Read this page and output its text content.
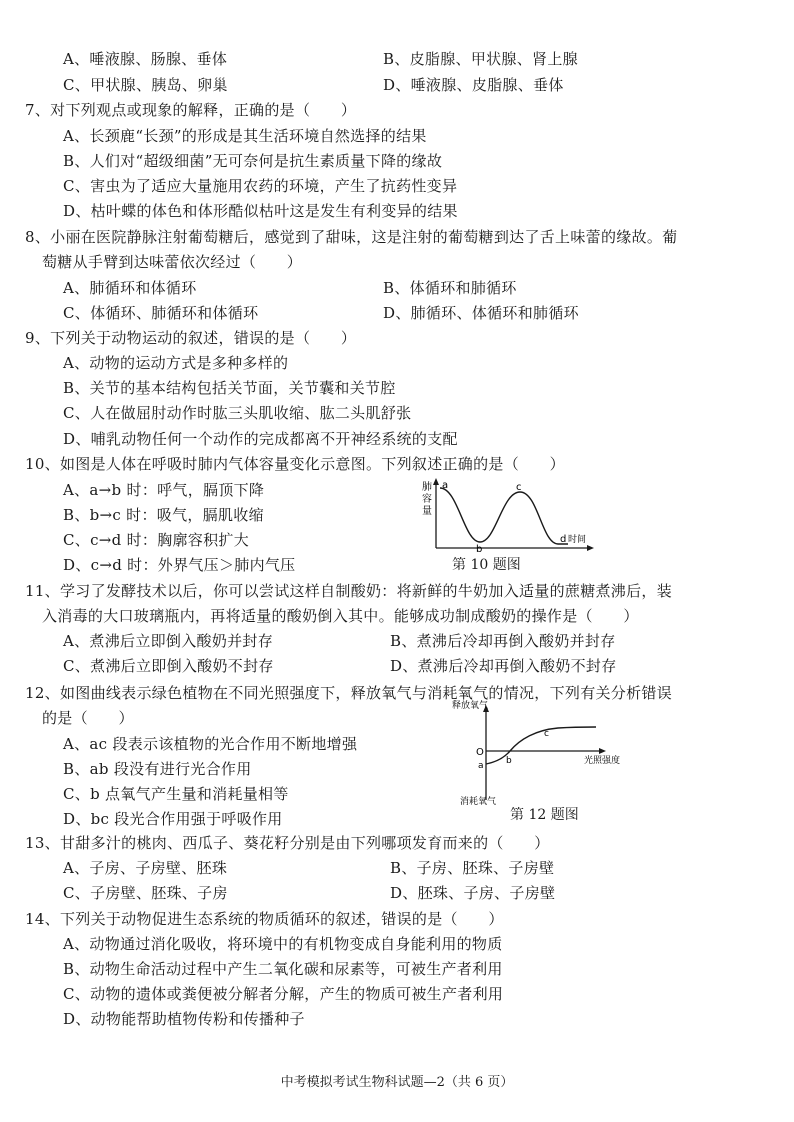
A、唾液腺、肠腺、垂体	B、皮脂腺、甲状腺、肾上腺
C、甲状腺、胰岛、卵巢	D、唾液腺、皮脂腺、垂体
7、对下列观点或现象的解释，正确的是（　　）
A、长颈鹿“长颈”的形成是其生活环境自然选择的结果
B、人们对“超级细菌”无可奈何是抗生素质量下降的缘故
C、害虫为了适应大量施用农药的环境，产生了抗药性变异
D、枯叶蝶的体色和体形酷似枯叶这是发生有利变异的结果
8、小丽在医院静脉注射葡萄糖后，感觉到了甜味，这是注射的葡萄糖到达了舌上味蕾的缘故。葡
萄糖从手臂到达味蕾依次经过（　　）
A、肺循环和体循环	B、体循环和肺循环
C、体循环、肺循环和体循环	D、肺循环、体循环和肺循环
9、下列关于动物运动的叙述，错误的是（　　）
A、动物的运动方式是多种多样的
B、关节的基本结构包括关节面，关节囊和关节腔
C、人在做屈肘动作时肱三头肌收缩、肱二头肌舒张
D、哺乳动物任何一个动作的完成都离不开神经系统的支配
10、如图是人体在呼吸时肺内气体容量变化示意图。下列叙述正确的是（　　）
A、a→b 时：呼气，膈顶下降
B、b→c 时：吸气，膈肌收缩
C、c→d 时：胸廓容积扩大
D、c→d 时：外界气压＞肺内气压
肺
容
量
a
b
c
d 时间
第 10 题图
11、学习了发酵技术以后，你可以尝试这样自制酸奶：将新鲜的牛奶加入适量的蔗糖煮沸后，装
入消毒的大口玻璃瓶内，再将适量的酸奶倒入其中。能够成功制成酸奶的操作是（　　）
A、煮沸后立即倒入酸奶并封存	B、煮沸后冷却再倒入酸奶并封存
C、煮沸后立即倒入酸奶不封存	D、煮沸后冷却再倒入酸奶不封存
12、如图曲线表示绿色植物在不同光照强度下，释放氧气与消耗氧气的情况，下列有关分析错误
的是（　　）
A、ac 段表示该植物的光合作用不断地增强
B、ab 段没有进行光合作用
C、b 点氧气产生量和消耗量相等
D、bc 段光合作用强于呼吸作用
释放氧气
消耗氧气
O
a b
c
光照强度
第 12 题图
13、甘甜多汁的桃肉、西瓜子、葵花籽分别是由下列哪项发育而来的（　　）
A、子房、子房壁、胚珠	B、子房、胚珠、子房壁
C、子房壁、胚珠、子房	D、胚珠、子房、子房壁
14、下列关于动物促进生态系统的物质循环的叙述，错误的是（　　）
A、动物通过消化吸收，将环境中的有机物变成自身能利用的物质
B、动物生命活动过程中产生二氧化碳和尿素等，可被生产者利用
C、动物的遗体或粪便被分解者分解，产生的物质可被生产者利用
D、动物能帮助植物传粉和传播种子
中考模拟考试生物科试题—2（共 6 页）
